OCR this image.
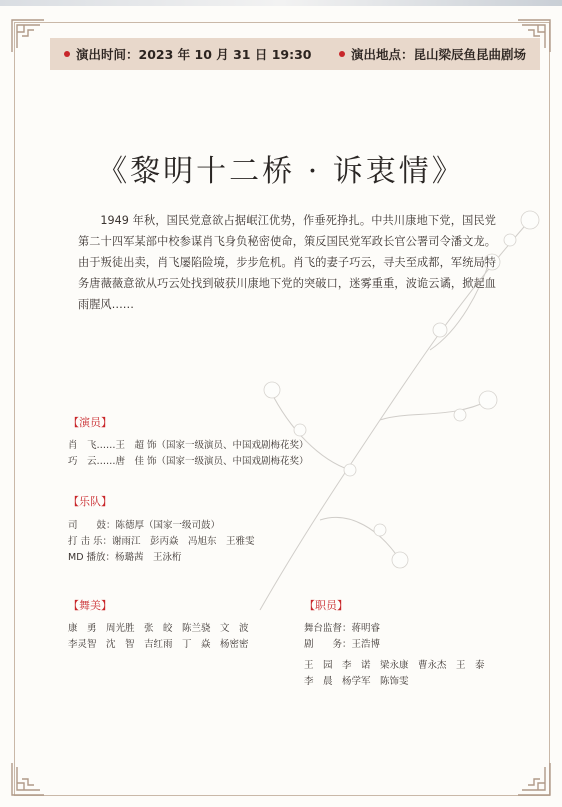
演出时间：2023 年 10 月 31 日 19:30	演出地点：昆山梁辰鱼昆曲剧场
《黎明十二桥 · 诉衷情》
1949 年秋，国民党意欲占据岷江优势，作垂死挣扎。中共川康地下党，国民党第二十四军某部中校参谋肖飞身负秘密使命，策反国民党军政长官公署司令潘文龙。由于叛徒出卖，肖飞屡陷险境，步步危机。肖飞的妻子巧云，寻夫至成都，军统局特务唐薇薇意欲从巧云处找到破获川康地下党的突破口，迷雾重重，波诡云谲，掀起血雨腥风……
【演员】
肖　飞……王　超 饰（国家一级演员、中国戏剧梅花奖）
巧　云……唐　佳 饰（国家一级演员、中国戏剧梅花奖）
【乐队】
司　　鼓：陈德厚（国家一级司鼓）
打 击 乐：谢雨江　彭丙焱　冯旭东　王雅雯
MD 播放：杨璐茜　王泳桁
【舞美】
康　勇　周光胜　张　皎　陈兰骁　文　波
李灵智　沈　智　吉红雨　丁　焱　杨密密
【职员】
舞台监督：蒋明睿
剧　　务：王浩博
王　园　李　诺　梁永康　曹永杰　王　泰
李　晨　杨学军　陈饰雯
